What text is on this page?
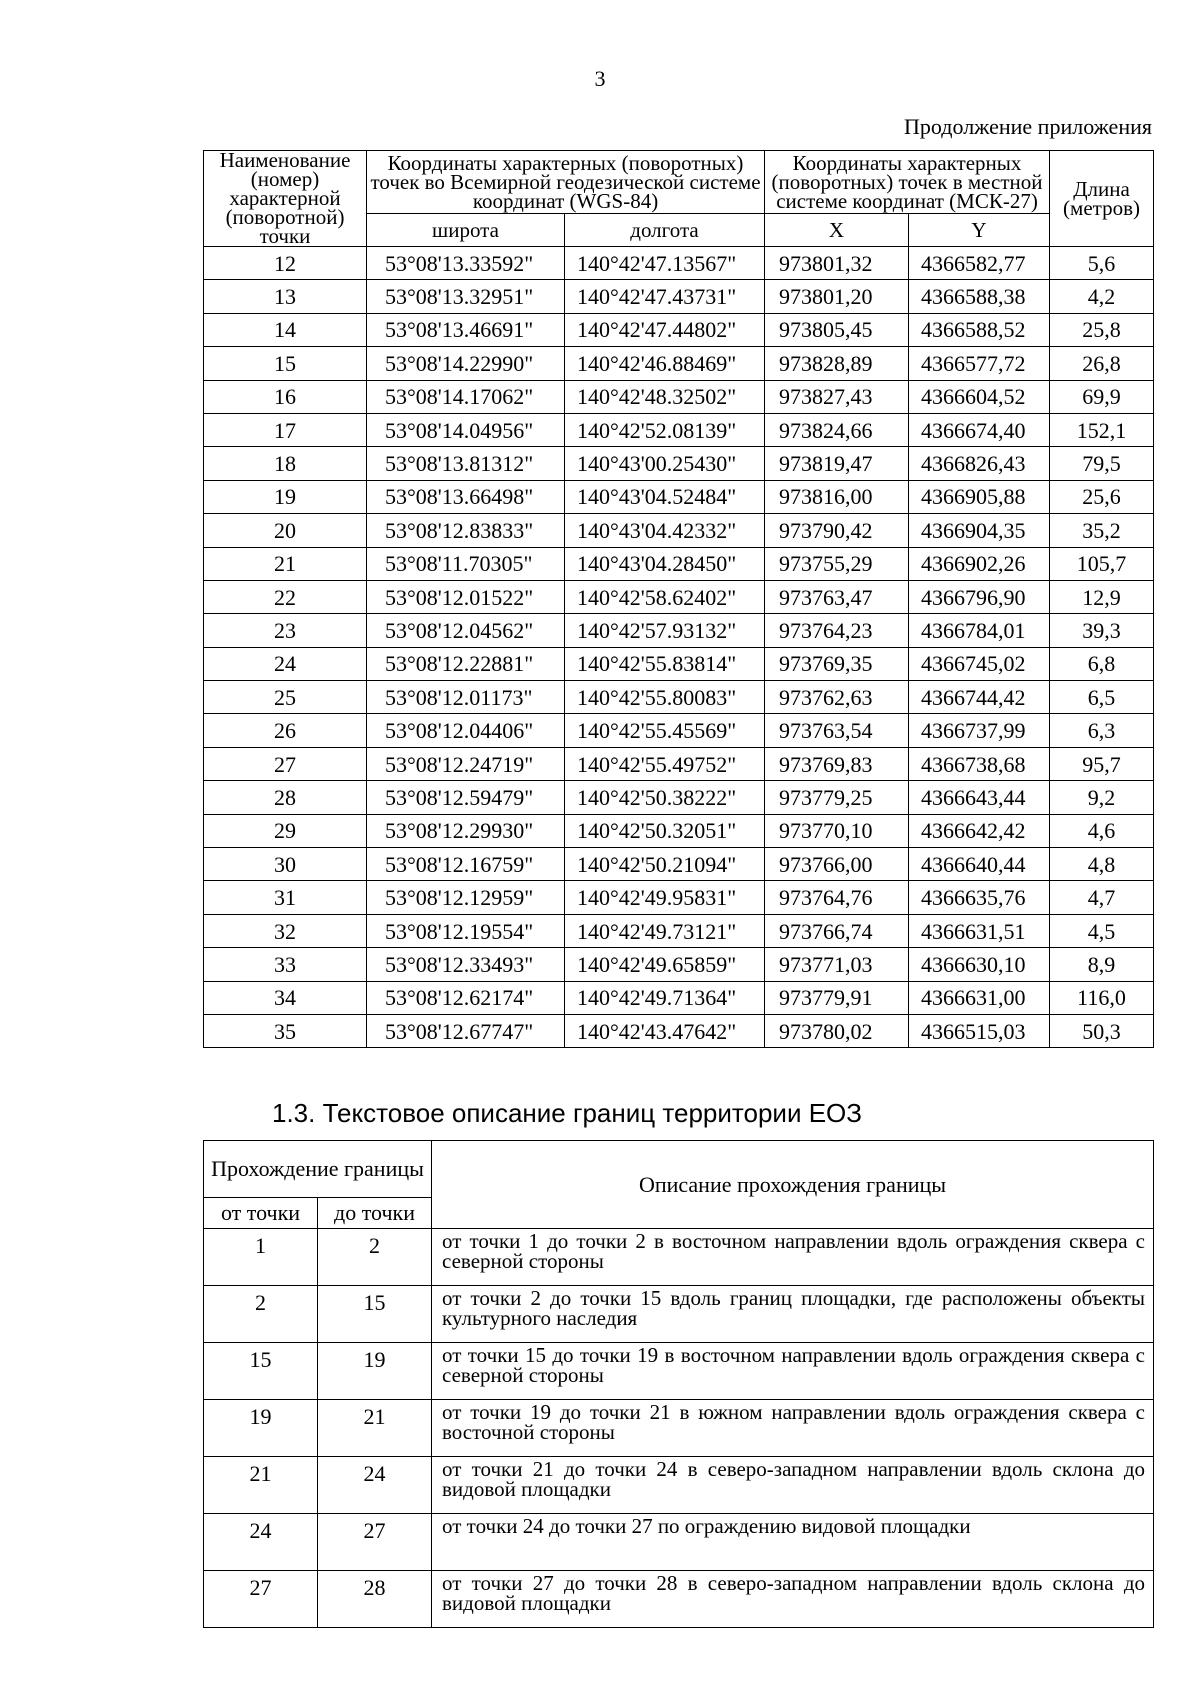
3
Продолжение приложения
Наименование (номер) характерной (поворотной) точки	Координаты характерных (поворотных) точек во Всемирной геодезической системе координат (WGS-84)		Координаты характерных (поворотных) точек в местной системе координат (МСК-27)		Длина (метров)
	широта	долгота	X	Y	
12	53°08'13.33592"	140°42'47.13567"	973801,32	4366582,77	5,6
13	53°08'13.32951"	140°42'47.43731"	973801,20	4366588,38	4,2
14	53°08'13.46691"	140°42'47.44802"	973805,45	4366588,52	25,8
15	53°08'14.22990"	140°42'46.88469"	973828,89	4366577,72	26,8
16	53°08'14.17062"	140°42'48.32502"	973827,43	4366604,52	69,9
17	53°08'14.04956"	140°42'52.08139"	973824,66	4366674,40	152,1
18	53°08'13.81312"	140°43'00.25430"	973819,47	4366826,43	79,5
19	53°08'13.66498"	140°43'04.52484"	973816,00	4366905,88	25,6
20	53°08'12.83833"	140°43'04.42332"	973790,42	4366904,35	35,2
21	53°08'11.70305"	140°43'04.28450"	973755,29	4366902,26	105,7
22	53°08'12.01522"	140°42'58.62402"	973763,47	4366796,90	12,9
23	53°08'12.04562"	140°42'57.93132"	973764,23	4366784,01	39,3
24	53°08'12.22881"	140°42'55.83814"	973769,35	4366745,02	6,8
25	53°08'12.01173"	140°42'55.80083"	973762,63	4366744,42	6,5
26	53°08'12.04406"	140°42'55.45569"	973763,54	4366737,99	6,3
27	53°08'12.24719"	140°42'55.49752"	973769,83	4366738,68	95,7
28	53°08'12.59479"	140°42'50.38222"	973779,25	4366643,44	9,2
29	53°08'12.29930"	140°42'50.32051"	973770,10	4366642,42	4,6
30	53°08'12.16759"	140°42'50.21094"	973766,00	4366640,44	4,8
31	53°08'12.12959"	140°42'49.95831"	973764,76	4366635,76	4,7
32	53°08'12.19554"	140°42'49.73121"	973766,74	4366631,51	4,5
33	53°08'12.33493"	140°42'49.65859"	973771,03	4366630,10	8,9
34	53°08'12.62174"	140°42'49.71364"	973779,91	4366631,00	116,0
35	53°08'12.67747"	140°42'43.47642"	973780,02	4366515,03	50,3
1.3. Текстовое описание границ территории ЕОЗ
Прохождение границы		Описание прохождения границы
от точки	до точки	
1	2	от точки 1 до точки 2 в восточном направлении вдоль ограждения сквера с северной стороны
2	15	от точки 2 до точки 15 вдоль границ площадки, где расположены объекты культурного наследия
15	19	от точки 15 до точки 19 в восточном направлении вдоль ограждения сквера с северной стороны
19	21	от точки 19 до точки 21 в южном направлении вдоль ограждения сквера с восточной стороны
21	24	от точки 21 до точки 24 в северо-западном направлении вдоль склона до видовой площадки
24	27	от точки 24 до точки 27 по ограждению видовой площадки
27	28	от точки 27 до точки 28 в северо-западном направлении вдоль склона до видовой площадки
